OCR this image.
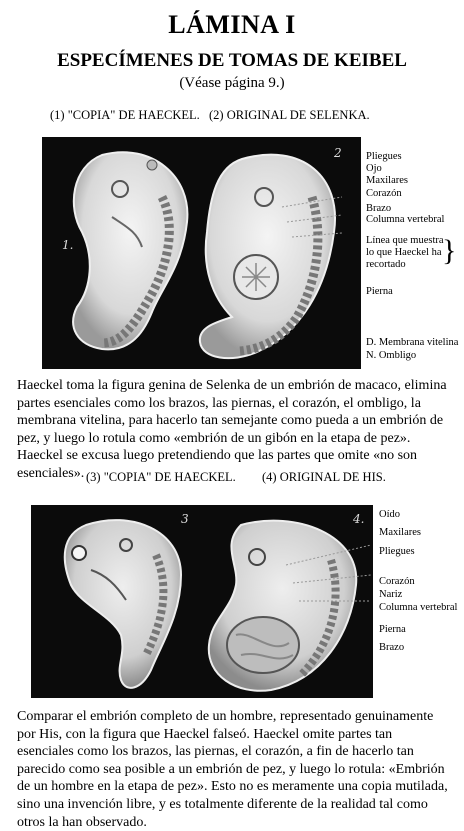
LÁMINA I
ESPECÍMENES DE TOMAS DE KEIBEL
(Véase página 9.)
(1) "COPIA" DE HAECKEL. (2) ORIGINAL DE SELENKA.
1.
2 Pliegues
Ojo
Maxilares
Corazón
Brazo
Columna vertebral
Línea que muestra
lo que Haeckel ha
recortado }
Pierna
D. Membrana vitelina
N. Ombligo
Haeckel toma la figura genina de Selenka de un embrión de macaco, elimina partes esenciales como los brazos, las piernas, el corazón, el ombligo, la membrana vitelina, para hacerlo tan semejante como pueda a un embrión de pez, y luego lo rotula como «embrión de un gibón en la etapa de pez». Haeckel se excusa luego pretendiendo que las partes que omite «no son esenciales». (3) "COPIA" DE HAECKEL. (4) ORIGINAL DE HIS.
3	4. Oído
Maxilares
Pliegues
Corazón
Nariz
Columna vertebral
Pierna
Brazo
Comparar el embrión completo de un hombre, representado genuinamente por His, con la figura que Haeckel falseó. Haeckel omite partes tan esenciales como los brazos, las piernas, el corazón, a fin de hacerlo tan parecido como sea posible a un embrión de pez, y luego lo rotula: «Embrión de un hombre en la etapa de pez». Esto no es meramente una copia mutilada, sino una invención libre, y es totalmente diferente de la realidad tal como otros la han observado.
